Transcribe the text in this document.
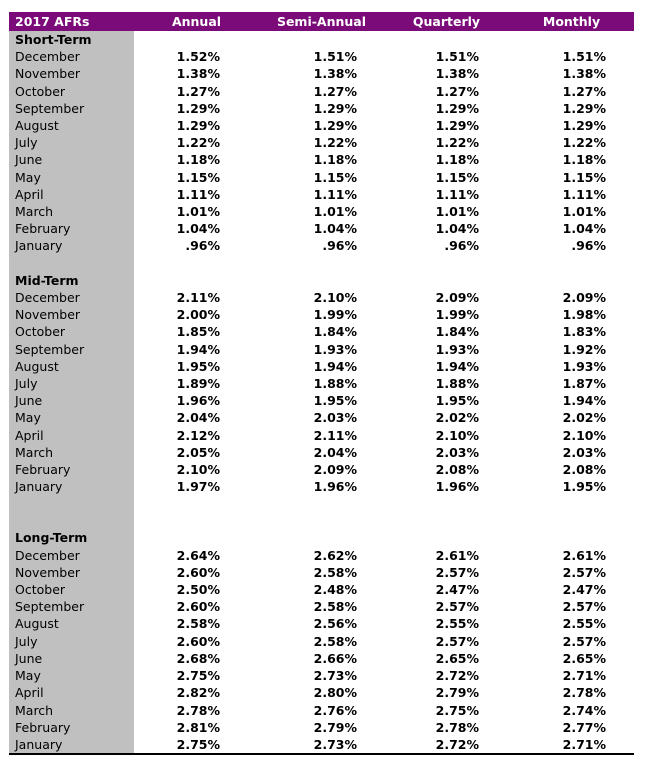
2017 AFRs	Annual	Semi-Annual	Quarterly	Monthly
Short-Term				
December	1.52%	1.51%	1.51%	1.51%
November	1.38%	1.38%	1.38%	1.38%
October	1.27%	1.27%	1.27%	1.27%
September	1.29%	1.29%	1.29%	1.29%
August	1.29%	1.29%	1.29%	1.29%
July	1.22%	1.22%	1.22%	1.22%
June	1.18%	1.18%	1.18%	1.18%
May	1.15%	1.15%	1.15%	1.15%
April	1.11%	1.11%	1.11%	1.11%
March	1.01%	1.01%	1.01%	1.01%
February	1.04%	1.04%	1.04%	1.04%
January	.96%	.96%	.96%	.96%

Mid-Term				
December	2.11%	2.10%	2.09%	2.09%
November	2.00%	1.99%	1.99%	1.98%
October	1.85%	1.84%	1.84%	1.83%
September	1.94%	1.93%	1.93%	1.92%
August	1.95%	1.94%	1.94%	1.93%
July	1.89%	1.88%	1.88%	1.87%
June	1.96%	1.95%	1.95%	1.94%
May	2.04%	2.03%	2.02%	2.02%
April	2.12%	2.11%	2.10%	2.10%
March	2.05%	2.04%	2.03%	2.03%
February	2.10%	2.09%	2.08%	2.08%
January	1.97%	1.96%	1.96%	1.95%

Long-Term				
December	2.64%	2.62%	2.61%	2.61%
November	2.60%	2.58%	2.57%	2.57%
October	2.50%	2.48%	2.47%	2.47%
September	2.60%	2.58%	2.57%	2.57%
August	2.58%	2.56%	2.55%	2.55%
July	2.60%	2.58%	2.57%	2.57%
June	2.68%	2.66%	2.65%	2.65%
May	2.75%	2.73%	2.72%	2.71%
April	2.82%	2.80%	2.79%	2.78%
March	2.78%	2.76%	2.75%	2.74%
February	2.81%	2.79%	2.78%	2.77%
January	2.75%	2.73%	2.72%	2.71%
